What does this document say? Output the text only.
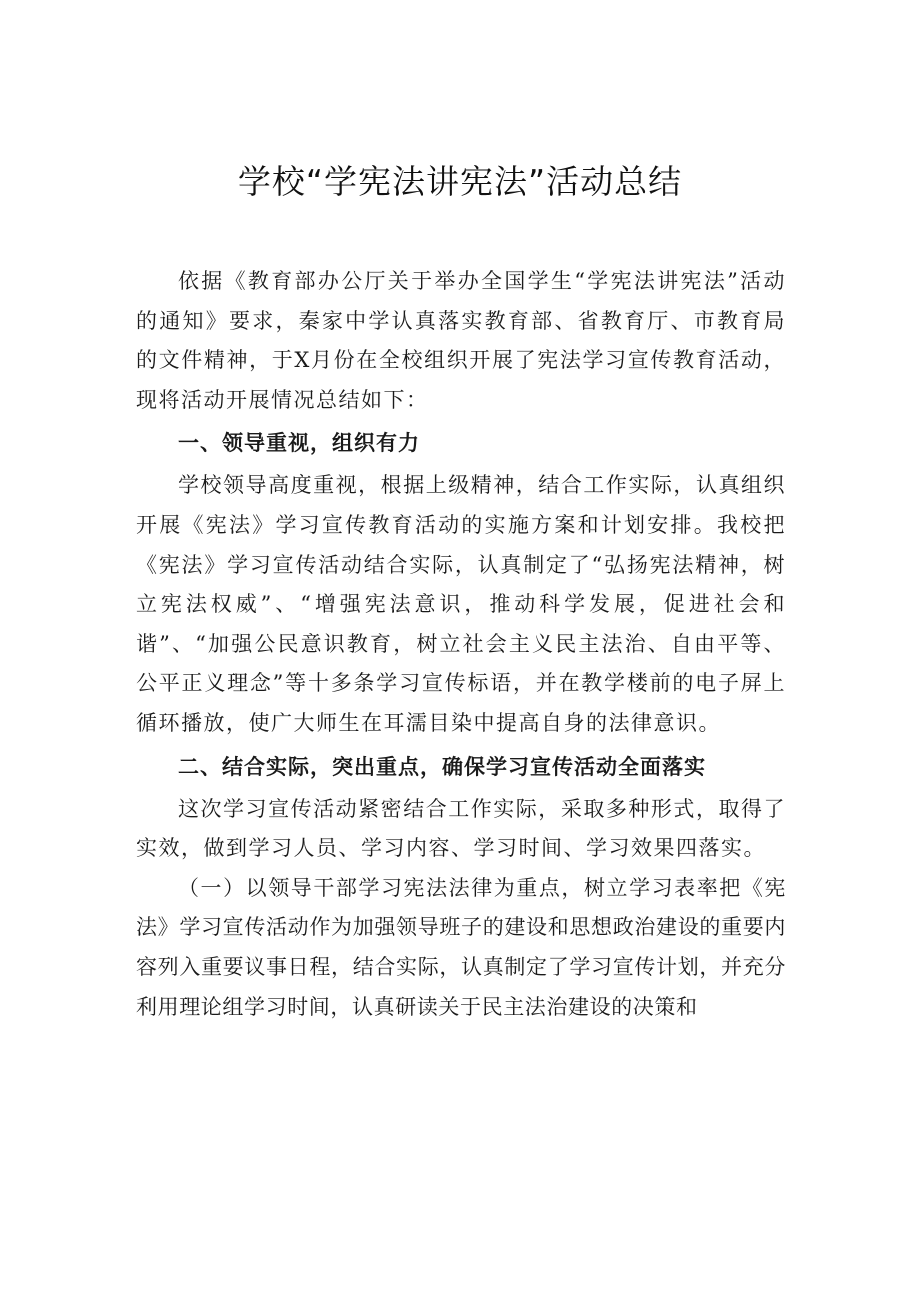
学校“学宪法讲宪法”活动总结

依据《教育部办公厅关于举办全国学生“学宪法讲宪法”活动的通知》要求，秦家中学认真落实教育部、省教育厅、市教育局的文件精神，于X月份在全校组织开展了宪法学习宣传教育活动，现将活动开展情况总结如下：

一、领导重视，组织有力

学校领导高度重视，根据上级精神，结合工作实际，认真组织开展《宪法》学习宣传教育活动的实施方案和计划安排。我校把《宪法》学习宣传活动结合实际，认真制定了“弘扬宪法精神，树立宪法权威”、“增强宪法意识，推动科学发展，促进社会和谐”、“加强公民意识教育，树立社会主义民主法治、自由平等、公平正义理念”等十多条学习宣传标语，并在教学楼前的电子屏上循环播放，使广大师生在耳濡目染中提高自身的法律意识。

二、结合实际，突出重点，确保学习宣传活动全面落实

这次学习宣传活动紧密结合工作实际，采取多种形式，取得了实效，做到学习人员、学习内容、学习时间、学习效果四落实。

（一）以领导干部学习宪法法律为重点，树立学习表率把《宪法》学习宣传活动作为加强领导班子的建设和思想政治建设的重要内容列入重要议事日程，结合实际，认真制定了学习宣传计划，并充分利用理论组学习时间，认真研读关于民主法治建设的决策和
